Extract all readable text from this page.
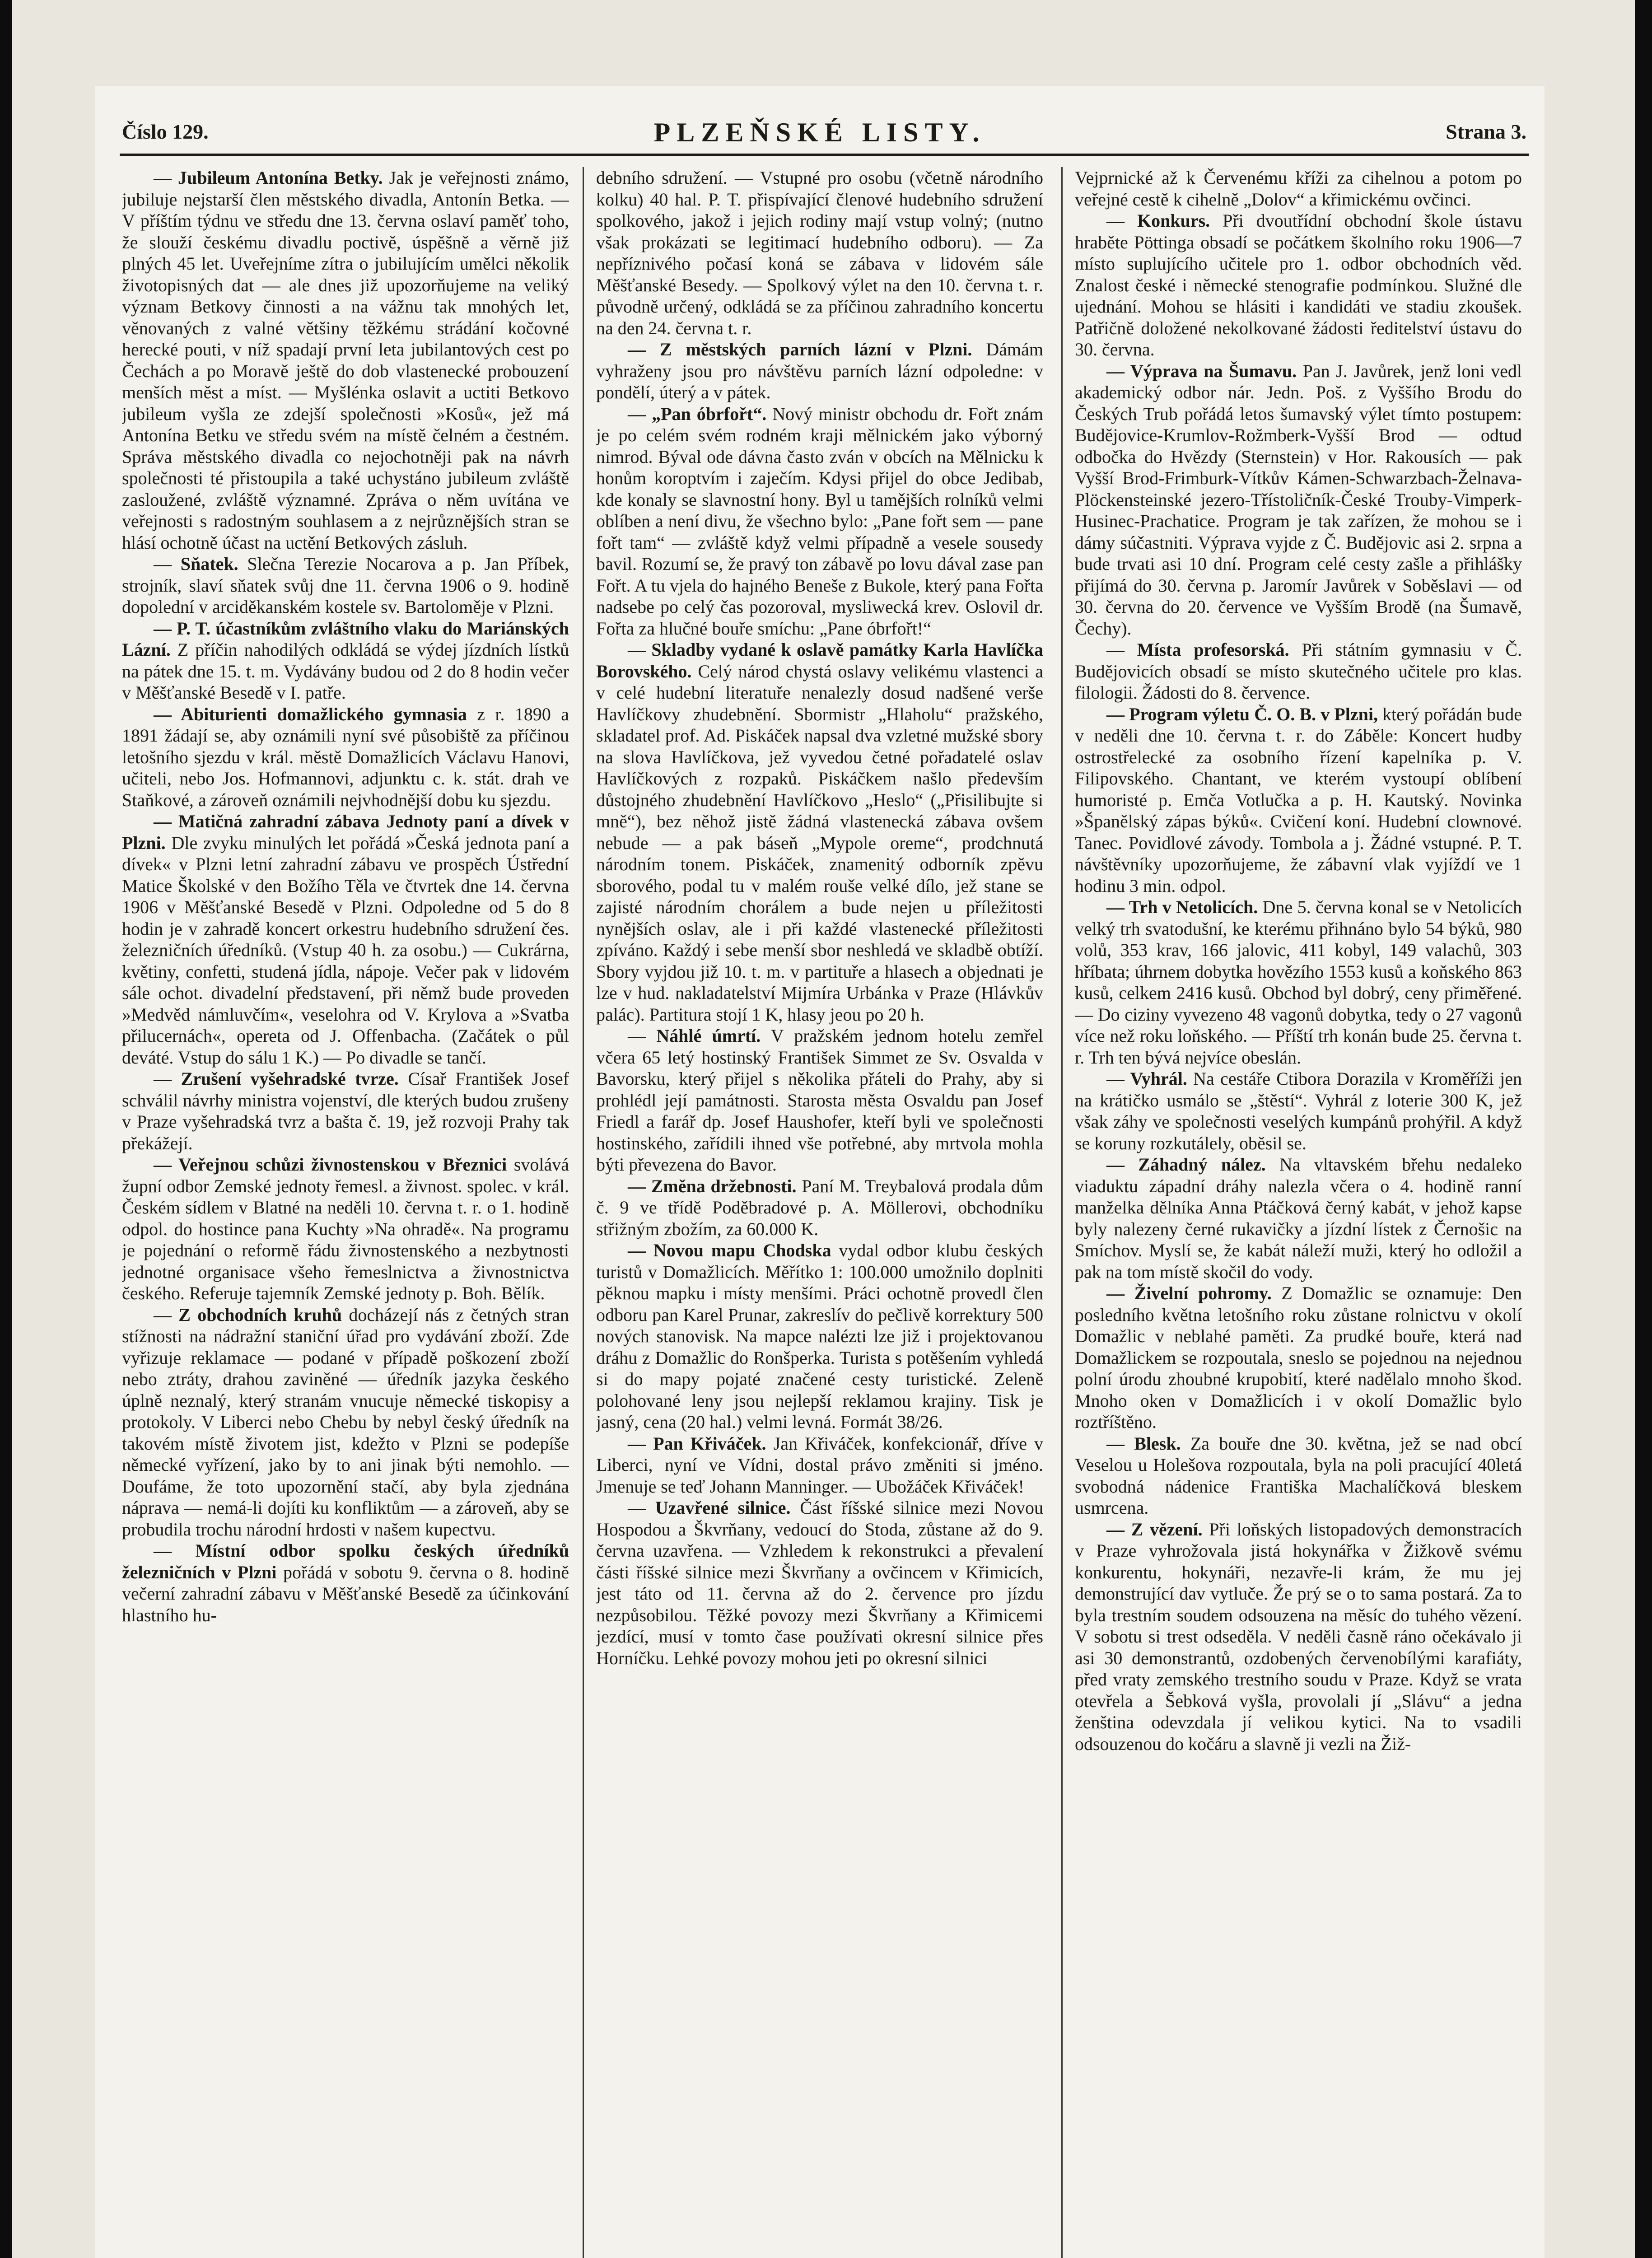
Číslo 129.	PLZEŇSKÉ LISTY.	Strana 3.

— Jubileum Antonína Betky. Jak je veřejnosti známo, jubiluje nejstarší člen městského divadla, Antonín Betka. — V příštím týdnu ve středu dne 13. června oslaví paměť toho, že slouží českému divadlu poctivě, úspěšně a věrně již plných 45 let. Uveřejníme zítra o jubilujícím umělci několik životopisných dat — ale dnes již upozorňujeme na veliký význam Betkovy činnosti a na vážnu tak mnohých let, věnovaných z valné většiny těžkému strádání kočovné herecké pouti, v níž spadají první leta jubilantových cest po Čechách a po Moravě ještě do dob vlastenecké probouzení menších měst a míst. — Myšlénka oslavit a uctiti Betkovo jubileum vyšla ze zdejší společnosti »Kosů«, jež má Antonína Betku ve středu svém na místě čelném a čestném. Správa městského divadla co nejochotněji pak na návrh společnosti té přistoupila a také uchystáno jubileum zvláště zasloužené, zvláště významné. Zpráva o něm uvítána ve veřejnosti s radostným souhlasem a z nejrůznějších stran se hlásí ochotně účast na uctění Betkových zásluh.

— Sňatek. Slečna Terezie Nocarova a p. Jan Příbek, strojník, slaví sňatek svůj dne 11. června 1906 o 9. hodině dopolední v arciděkanském kostele sv. Bartoloměje v Plzni.

— P. T. účastníkům zvláštního vlaku do Mariánských Lázní. Z příčin nahodilých odkládá se výdej jízdních lístků na pátek dne 15. t. m. Vydávány budou od 2 do 8 hodin večer v Měšťanské Besedě v I. patře.

— Abiturienti domažlického gymnasia z r. 1890 a 1891 žádají se, aby oznámili nyní své působiště za příčinou letošního sjezdu v král. městě Domažlicích Václavu Hanovi, učiteli, nebo Jos. Hofmannovi, adjunktu c. k. stát. drah ve Staňkové, a zároveň oznámili nejvhodnější dobu ku sjezdu.

— Matičná zahradní zábava Jednoty paní a dívek v Plzni. Dle zvyku minulých let pořádá »Česká jednota paní a dívek« v Plzni letní zahradní zábavu ve prospěch Ústřední Matice Školské v den Božího Těla ve čtvrtek dne 14. června 1906 v Měšťanské Besedě v Plzni. Odpoledne od 5 do 8 hodin je v zahradě koncert orkestru hudebního sdružení čes. železničních úředníků. (Vstup 40 h. za osobu.) — Cukrárna, květiny, confetti, studená jídla, nápoje. Večer pak v lidovém sále ochot. divadelní představení, při němž bude proveden »Medvěd námluvčím«, veselohra od V. Krylova a »Svatba přilucernách«, opereta od J. Offenbacha. (Začátek o půl deváté. Vstup do sálu 1 K.) — Po divadle se tančí.

— Zrušení vyšehradské tvrze. Císař František Josef schválil návrhy ministra vojenství, dle kterých budou zrušeny v Praze vyšehradská tvrz a bašta č. 19, jež rozvoji Prahy tak překážejí.

— Veřejnou schůzi živnostenskou v Březnici svolává župní odbor Zemské jednoty řemesl. a živnost. spolec. v král. Českém sídlem v Blatné na neděli 10. června t. r. o 1. hodině odpol. do hostince pana Kuchty »Na ohradě«. Na programu je pojednání o reformě řádu živnostenského a nezbytnosti jednotné organisace všeho řemeslnictva a živnostnictva českého. Referuje tajemník Zemské jednoty p. Boh. Bělík.

— Z obchodních kruhů docházejí nás z četných stran stížnosti na nádražní staniční úřad pro vydávání zboží. Zde vyřizuje reklamace — podané v případě poškození zboží nebo ztráty, drahou zaviněné — úředník jazyka českého úplně neznalý, který stranám vnucuje německé tiskopisy a protokoly. V Liberci nebo Chebu by nebyl český úředník na takovém místě životem jist, kdežto v Plzni se podepíše německé vyřízení, jako by to ani jinak býti nemohlo. — Doufáme, že toto upozornění stačí, aby byla zjednána náprava — nemá-li dojíti ku konfliktům — a zároveň, aby se probudila trochu národní hrdosti v našem kupectvu.

— Místní odbor spolku českých úředníků železničních v Plzni pořádá v sobotu 9. června o 8. hodině večerní zahradní zábavu v Měšťanské Besedě za účinkování hlastního hu-

debního sdružení. — Vstupné pro osobu (včetně národního kolku) 40 hal. P. T. přispívající členové hudebního sdružení spolkového, jakož i jejich rodiny mají vstup volný; (nutno však prokázati se legitimací hudebního odboru). — Za nepříznivého počasí koná se zábava v lidovém sále Měšťanské Besedy. — Spolkový výlet na den 10. června t. r. původně určený, odkládá se za příčinou zahradního koncertu na den 24. června t. r.

— Z městských parních lázní v Plzni. Dámám vyhraženy jsou pro návštěvu parních lázní odpoledne: v pondělí, úterý a v pátek.

— „Pan óbrfořt“. Nový ministr obchodu dr. Fořt znám je po celém svém rodném kraji mělnickém jako výborný nimrod. Býval ode dávna často zván v obcích na Mělnicku k honům koroptvím i zaječím. Kdysi přijel do obce Jedibab, kde konaly se slavnostní hony. Byl u tamějších rolníků velmi oblíben a není divu, že všechno bylo: „Pane fořt sem — pane fořt tam“ — zvláště když velmi případně a vesele sousedy bavil. Rozumí se, že pravý ton zábavě po lovu dával zase pan Fořt. A tu vjela do hajného Beneše z Bukole, který pana Fořta nadsebe po celý čas pozoroval, mysliwecká krev. Oslovil dr. Fořta za hlučné bouře smíchu: „Pane óbrfořt!“

— Skladby vydané k oslavě památky Karla Havlíčka Borovského. Celý národ chystá oslavy velikému vlastenci a v celé hudební literatuře nenalezly dosud nadšené verše Havlíčkovy zhudebnění. Sbormistr „Hlaholu“ pražského, skladatel prof. Ad. Piskáček napsal dva vzletné mužské sbory na slova Havlíčkova, jež vyvedou četné pořadatelé oslav Havlíčkových z rozpaků. Piskáčkem našlo především důstojného zhudebnění Havlíčkovo „Heslo“ („Přisilibujte si mně“), bez něhož jistě žádná vlastenecká zábava ovšem nebude — a pak báseň „Mypole oreme“, prodchnutá národním tonem. Piskáček, znamenitý odborník zpěvu sborového, podal tu v malém rouše velké dílo, jež stane se zajisté národním chorálem a bude nejen u příležitosti nynějších oslav, ale i při každé vlastenecké příležitosti zpíváno. Každý i sebe menší sbor neshledá ve skladbě obtíží. Sbory vyjdou již 10. t. m. v partituře a hlasech a objednati je lze v hud. nakladatelství Mijmíra Urbánka v Praze (Hlávkův palác). Partitura stojí 1 K, hlasy jeou po 20 h.

— Náhlé úmrtí. V pražském jednom hotelu zemřel včera 65 letý hostinský František Simmet ze Sv. Osvalda v Bavorsku, který přijel s několika přáteli do Prahy, aby si prohlédl její památnosti. Starosta města Osvaldu pan Josef Friedl a farář dp. Josef Haushofer, kteří byli ve společnosti hostinského, zařídili ihned vše potřebné, aby mrtvola mohla býti převezena do Bavor.

— Změna držebnosti. Paní M. Treybalová prodala dům č. 9 ve třídě Poděbradové p. A. Möllerovi, obchodníku střižným zbožím, za 60.000 K.

— Novou mapu Chodska vydal odbor klubu českých turistů v Domažlicích. Měřítko 1: 100.000 umožnilo doplniti pěknou mapku i místy menšími. Práci ochotně provedl člen odboru pan Karel Prunar, zakreslív do pečlivě korrektury 500 nových stanovisk. Na mapce nalézti lze již i projektovanou dráhu z Domažlic do Ronšperka. Turista s potěšením vyhledá si do mapy pojaté značené cesty turistické. Zeleně polohované leny jsou nejlepší reklamou krajiny. Tisk je jasný, cena (20 hal.) velmi levná. Formát 38/26.

— Pan Křiváček. Jan Křiváček, konfekcionář, dříve v Liberci, nyní ve Vídni, dostal právo změniti si jméno. Jmenuje se teď Johann Manninger. — Ubožáček Křiváček!

— Uzavřené silnice. Část říšské silnice mezi Novou Hospodou a Škvrňany, vedoucí do Stoda, zůstane až do 9. června uzavřena. — Vzhledem k rekonstrukci a převalení části říšské silnice mezi Škvrňany a ovčincem v Křimicích, jest táto od 11. června až do 2. července pro jízdu nezpůsobilou. Těžké povozy mezi Škvrňany a Křimicemi jezdící, musí v tomto čase používati okresní silnice přes Horníčku. Lehké povozy mohou jeti po okresní silnici

Vejprnické až k Červenému kříži za cihelnou a potom po veřejné cestě k cihelně „Dolov“ a křimickému ovčinci.

— Konkurs. Při dvoutřídní obchodní škole ústavu hraběte Pöttinga obsadí se počátkem školního roku 1906—7 místo suplujícího učitele pro 1. odbor obchodních věd. Znalost české i německé stenografie podmínkou. Služné dle ujednání. Mohou se hlásiti i kandidáti ve stadiu zkoušek. Patřičně doložené nekolkované žádosti ředitelství ústavu do 30. června.

— Výprava na Šumavu. Pan J. Javůrek, jenž loni vedl akademický odbor nár. Jedn. Poš. z Vyššího Brodu do Českých Trub pořádá letos šumavský výlet tímto postupem: Budějovice-Krumlov-Rožmberk-Vyšší Brod — odtud odbočka do Hvězdy (Sternstein) v Hor. Rakousích — pak Vyšší Brod-Frimburk-Vítkův Kámen-Schwarzbach-Želnava-Plöckensteinské jezero-Třístoličník-České Trouby-Vimperk-Husinec-Prachatice. Program je tak zařízen, že mohou se i dámy súčastniti. Výprava vyjde z Č. Budějovic asi 2. srpna a bude trvati asi 10 dní. Program celé cesty zašle a přihlášky přijímá do 30. června p. Jaromír Javůrek v Soběslavi — od 30. června do 20. července ve Vyšším Brodě (na Šumavě, Čechy).

— Místa profesorská. Při státním gymnasiu v Č. Budějovicích obsadí se místo skutečného učitele pro klas. filologii. Žádosti do 8. července.

— Program výletu Č. O. B. v Plzni, který pořádán bude v neděli dne 10. června t. r. do Záběle: Koncert hudby ostrostřelecké za osobního řízení kapelníka p. V. Filipovského. Chantant, ve kterém vystoupí oblíbení humoristé p. Emča Votlučka a p. H. Kautský. Novinka »Španělský zápas býků«. Cvičení koní. Hudební clownové. Tanec. Povidlové závody. Tombola a j. Žádné vstupné. P. T. návštěvníky upozorňujeme, že zábavní vlak vyjíždí ve 1 hodinu 3 min. odpol.

— Trh v Netolicích. Dne 5. června konal se v Netolicích velký trh svatodušní, ke kterému přihnáno bylo 54 býků, 980 volů, 353 krav, 166 jalovic, 411 kobyl, 149 valachů, 303 hříbata; úhrnem dobytka hovězího 1553 kusů a koňského 863 kusů, celkem 2416 kusů. Obchod byl dobrý, ceny přiměřené. — Do ciziny vyvezeno 48 vagonů dobytka, tedy o 27 vagonů více než roku loňského. — Příští trh konán bude 25. června t. r. Trh ten bývá nejvíce obeslán.

— Vyhrál. Na cestáře Ctibora Dorazila v Kroměříži jen na krátičko usmálo se „štěstí“. Vyhrál z loterie 300 K, jež však záhy ve společnosti veselých kumpánů prohýřil. A když se koruny rozkutálely, oběsil se.

— Záhadný nález. Na vltavském břehu nedaleko viaduktu západní dráhy nalezla včera o 4. hodině ranní manželka dělníka Anna Ptáčková černý kabát, v jehož kapse byly nalezeny černé rukavičky a jízdní lístek z Černošic na Smíchov. Myslí se, že kabát náleží muži, který ho odložil a pak na tom místě skočil do vody.

— Živelní pohromy. Z Domažlic se oznamuje: Den posledního května letošního roku zůstane rolnictvu v okolí Domažlic v neblahé paměti. Za prudké bouře, která nad Domažlickem se rozpoutala, sneslo se pojednou na nejednou polní úrodu zhoubné krupobití, které nadělalo mnoho škod. Mnoho oken v Domažlicích i v okolí Domažlic bylo roztříštěno.

— Blesk. Za bouře dne 30. května, jež se nad obcí Veselou u Holešova rozpoutala, byla na poli pracující 40letá svobodná nádenice Františka Machalíčková bleskem usmrcena.

— Z vězení. Při loňských listopadových demonstracích v Praze vyhrožovala jistá hokynářka v Žižkově svému konkurentu, hokynáři, nezavře-li krám, že mu jej demonstrující dav vytluče. Že prý se o to sama postará. Za to byla trestním soudem odsouzena na měsíc do tuhého vězení. V sobotu si trest odseděla. V neděli časně ráno očekávalo ji asi 30 demonstrantů, ozdobených červenobílými karafiáty, před vraty zemského trestního soudu v Praze. Když se vrata otevřela a Šebková vyšla, provolali jí „Slávu“ a jedna ženština odevzdala jí velikou kytici. Na to vsadili odsouzenou do kočáru a slavně ji vezli na Žiž-
